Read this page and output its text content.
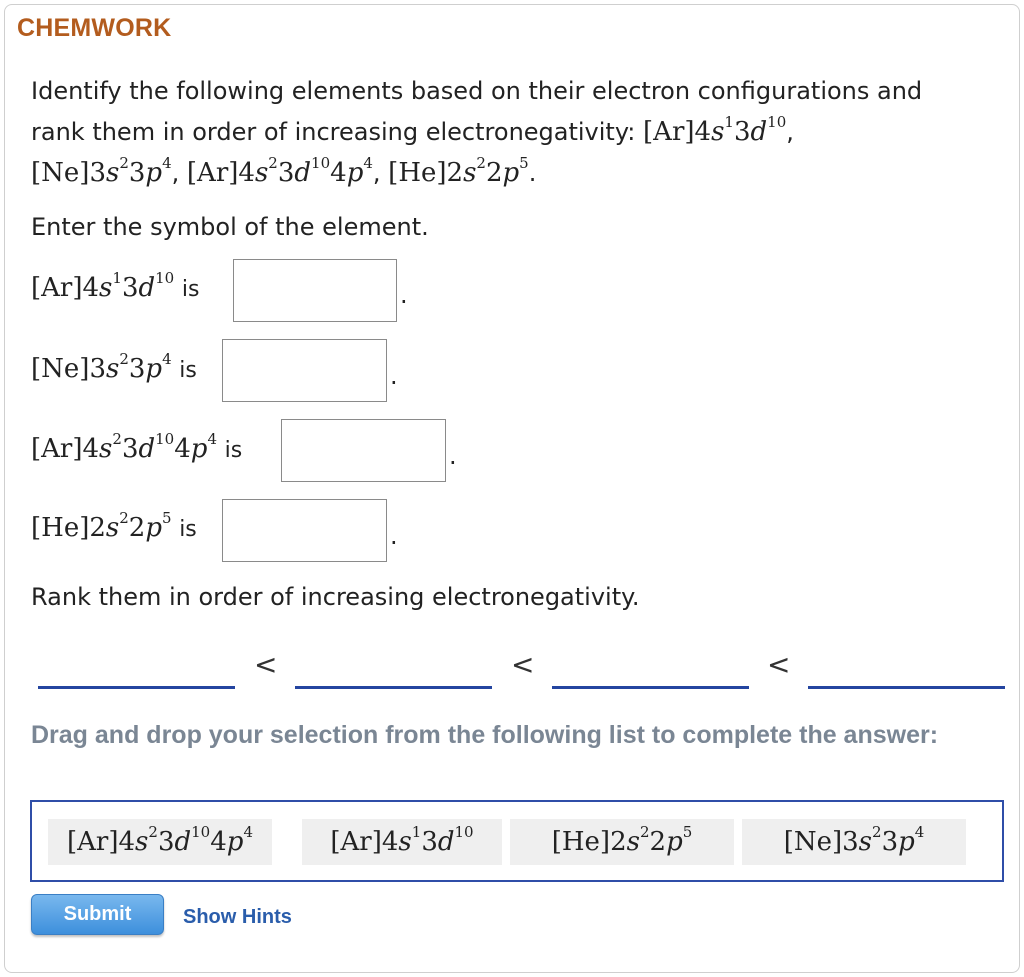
CHEMWORK
Identify the following elements based on their electron configurations and
rank them in order of increasing electronegativity: $[Ar]4s^13d^{10}$,
$[Ne]3s^23p^4$, $[Ar]4s^23d^{10}4p^4$, $[He]2s^22p^5$.
Enter the symbol of the element.
$[Ar]4s^13d^{10}$ is	.
$[Ne]3s^23p^4$ is	.
$[Ar]4s^23d^{10}4p^4$ is	.
$[He]2s^22p^5$ is	.
Rank them in order of increasing electronegativity.
<	<	<
Drag and drop your selection from the following list to complete the answer:
$[Ar]4s^23d^{10}4p^4$	$[Ar]4s^13d^{10}$	$[He]2s^22p^5$	$[Ne]3s^23p^4$
Submit	Show Hints
